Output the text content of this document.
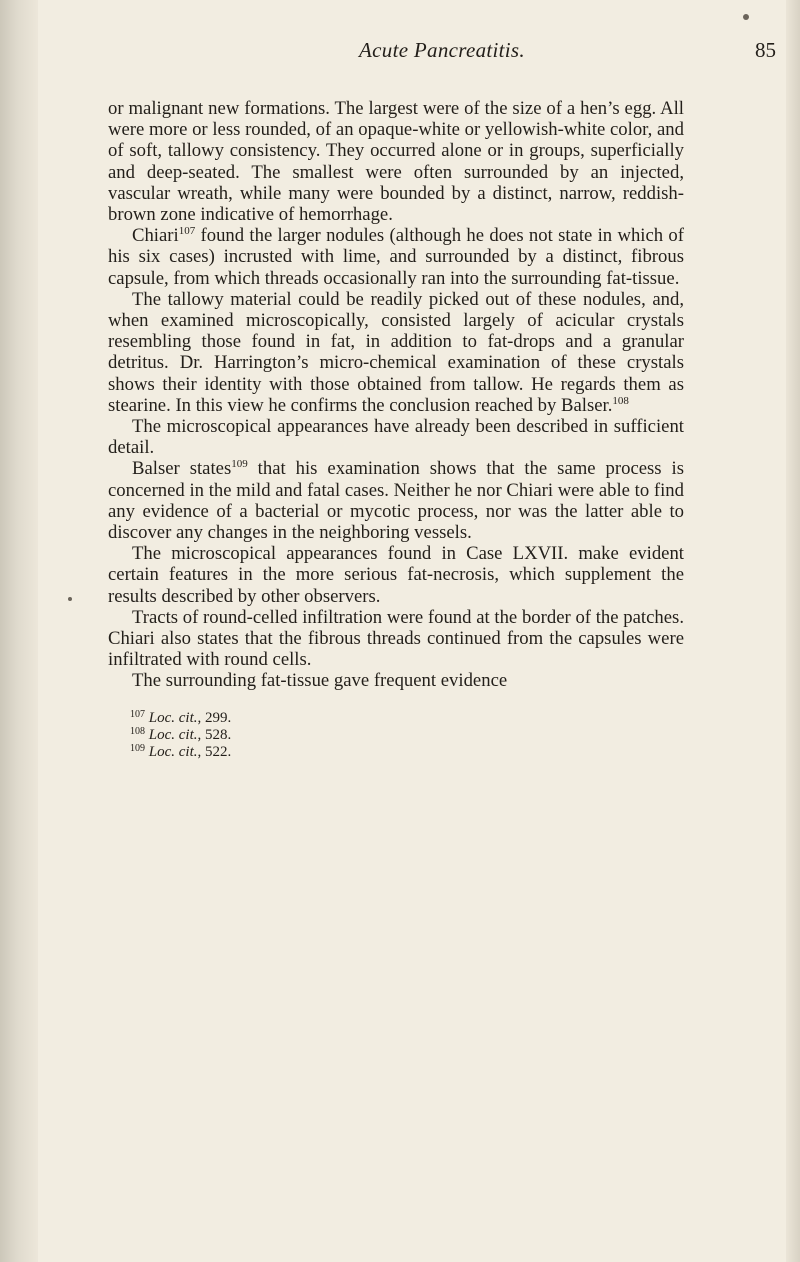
Acute Pancreatitis.	85

or malignant new formations. The largest were of the size of a hen’s egg. All were more or less rounded, of an opaque-white or yellowish-white color, and of soft, tallowy consistency. They occurred alone or in groups, superficially and deep-seated. The smallest were often surrounded by an injected, vascular wreath, while many were bounded by a distinct, narrow, reddish-brown zone indicative of hemorrhage.

Chiari$^{107}$ found the larger nodules (although he does not state in which of his six cases) incrusted with lime, and surrounded by a distinct, fibrous capsule, from which threads occasionally ran into the surrounding fat-tissue.

The tallowy material could be readily picked out of these nodules, and, when examined microscopically, consisted largely of acicular crystals resembling those found in fat, in addition to fat-drops and a granular detritus. Dr. Harrington’s micro-chemical examination of these crystals shows their identity with those obtained from tallow. He regards them as stearine. In this view he confirms the conclusion reached by Balser.$^{108}$

The microscopical appearances have already been described in sufficient detail.

Balser states$^{109}$ that his examination shows that the same process is concerned in the mild and fatal cases. Neither he nor Chiari were able to find any evidence of a bacterial or mycotic process, nor was the latter able to discover any changes in the neighboring vessels.

The microscopical appearances found in Case LXVII. make evident certain features in the more serious fat-necrosis, which supplement the results described by other observers.

Tracts of round-celled infiltration were found at the border of the patches. Chiari also states that the fibrous threads continued from the capsules were infiltrated with round cells.

The surrounding fat-tissue gave frequent evidence

$^{107}$ Loc. cit., 299.
$^{108}$ Loc. cit., 528.
$^{109}$ Loc. cit., 522.
